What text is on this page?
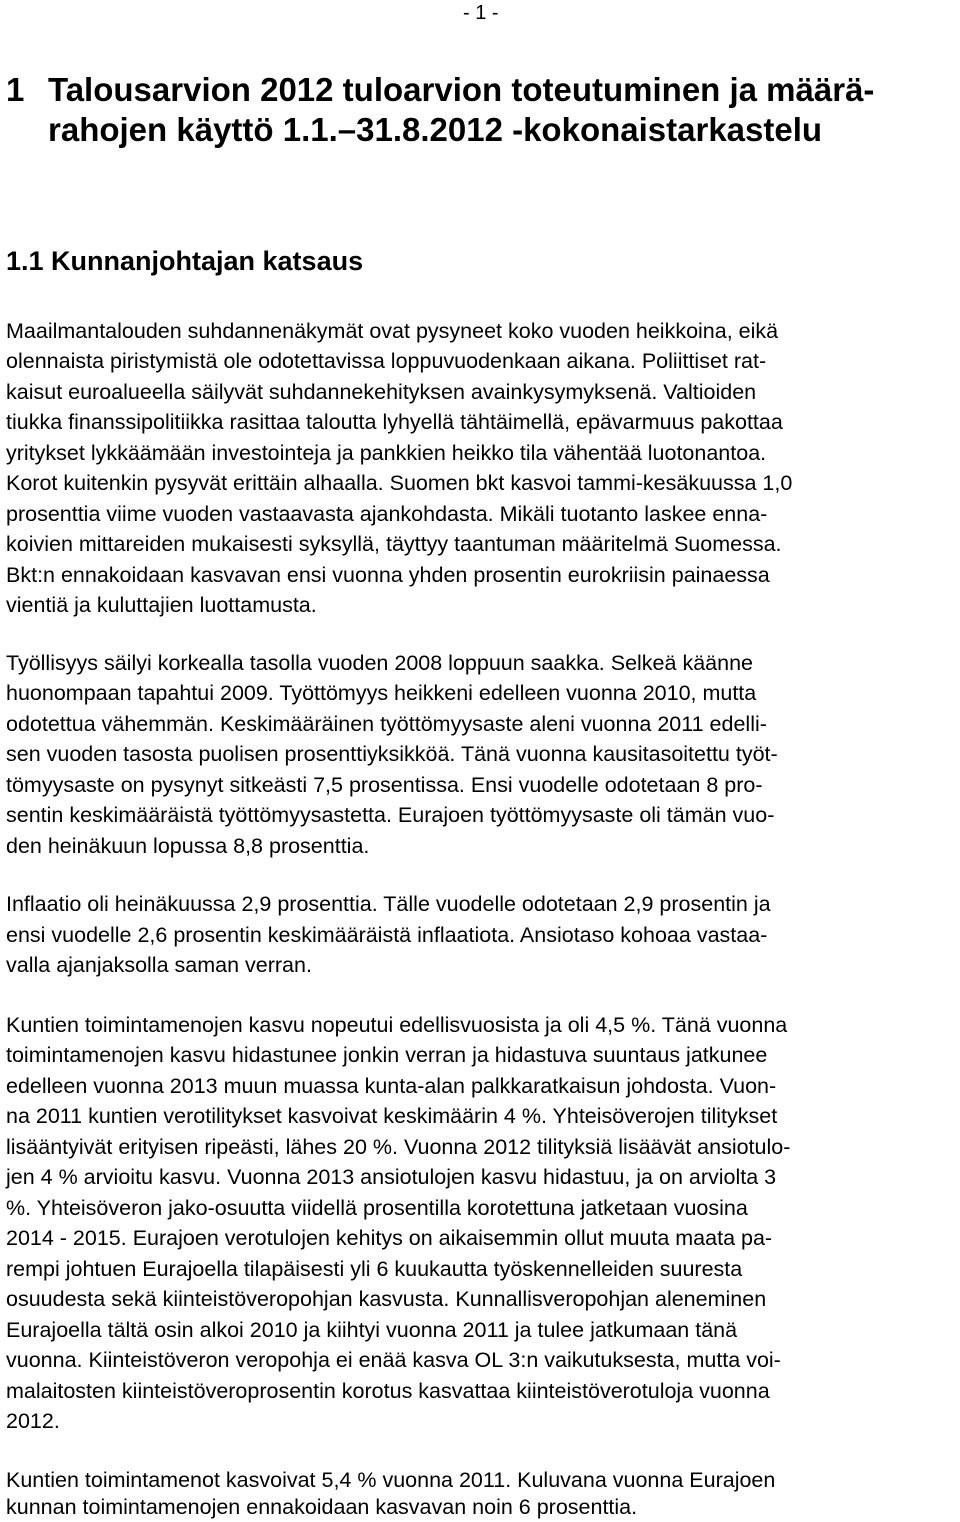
- 1 -
1 Talousarvion 2012 tuloarvion toteutuminen ja määrä-
rahojen käyttö 1.1.–31.8.2012 -kokonaistarkastelu
1.1 Kunnanjohtajan katsaus
Maailmantalouden suhdannenäkymät ovat pysyneet koko vuoden heikkoina, eikä
olennaista piristymistä ole odotettavissa loppuvuodenkaan aikana. Poliittiset rat-
kaisut euroalueella säilyvät suhdannekehityksen avainkysymyksenä. Valtioiden
tiukka finanssipolitiikka rasittaa taloutta lyhyellä tähtäimellä, epävarmuus pakottaa
yritykset lykkäämään investointeja ja pankkien heikko tila vähentää luotonantoa.
Korot kuitenkin pysyvät erittäin alhaalla. Suomen bkt kasvoi tammi-kesäkuussa 1,0
prosenttia viime vuoden vastaavasta ajankohdasta. Mikäli tuotanto laskee enna-
koivien mittareiden mukaisesti syksyllä, täyttyy taantuman määritelmä Suomessa.
Bkt:n ennakoidaan kasvavan ensi vuonna yhden prosentin eurokriisin painaessa
vientiä ja kuluttajien luottamusta.
Työllisyys säilyi korkealla tasolla vuoden 2008 loppuun saakka. Selkeä käänne
huonompaan tapahtui 2009. Työttömyys heikkeni edelleen vuonna 2010, mutta
odotettua vähemmän. Keskimääräinen työttömyysaste aleni vuonna 2011 edelli-
sen vuoden tasosta puolisen prosenttiyksikköä. Tänä vuonna kausitasoitettu työt-
tömyysaste on pysynyt sitkeästi 7,5 prosentissa. Ensi vuodelle odotetaan 8 pro-
sentin keskimääräistä työttömyysastetta. Eurajoen työttömyysaste oli tämän vuo-
den heinäkuun lopussa 8,8 prosenttia.
Inflaatio oli heinäkuussa 2,9 prosenttia. Tälle vuodelle odotetaan 2,9 prosentin ja
ensi vuodelle 2,6 prosentin keskimääräistä inflaatiota. Ansiotaso kohoaa vastaa-
valla ajanjaksolla saman verran.
Kuntien toimintamenojen kasvu nopeutui edellisvuosista ja oli 4,5 %. Tänä vuonna
toimintamenojen kasvu hidastunee jonkin verran ja hidastuva suuntaus jatkunee
edelleen vuonna 2013 muun muassa kunta-alan palkkaratkaisun johdosta. Vuon-
na 2011 kuntien verotilitykset kasvoivat keskimäärin 4 %. Yhteisöverojen tilitykset
lisääntyivät erityisen ripeästi, lähes 20 %. Vuonna 2012 tilityksiä lisäävät ansiotulo-
jen 4 % arvioitu kasvu. Vuonna 2013 ansiotulojen kasvu hidastuu, ja on arviolta 3
%. Yhteisöveron jako-osuutta viidellä prosentilla korotettuna jatketaan vuosina
2014 - 2015. Eurajoen verotulojen kehitys on aikaisemmin ollut muuta maata pa-
rempi johtuen Eurajoella tilapäisesti yli 6 kuukautta työskennelleiden suuresta
osuudesta sekä kiinteistöveropohjan kasvusta. Kunnallisveropohjan aleneminen
Eurajoella tältä osin alkoi 2010 ja kiihtyi vuonna 2011 ja tulee jatkumaan tänä
vuonna. Kiinteistöveron veropohja ei enää kasva OL 3:n vaikutuksesta, mutta voi-
malaitosten kiinteistöveroprosentin korotus kasvattaa kiinteistöverotuloja vuonna
2012.
Kuntien toimintamenot kasvoivat 5,4 % vuonna 2011. Kuluvana vuonna Eurajoen
kunnan toimintamenojen ennakoidaan kasvavan noin 6 prosenttia.
